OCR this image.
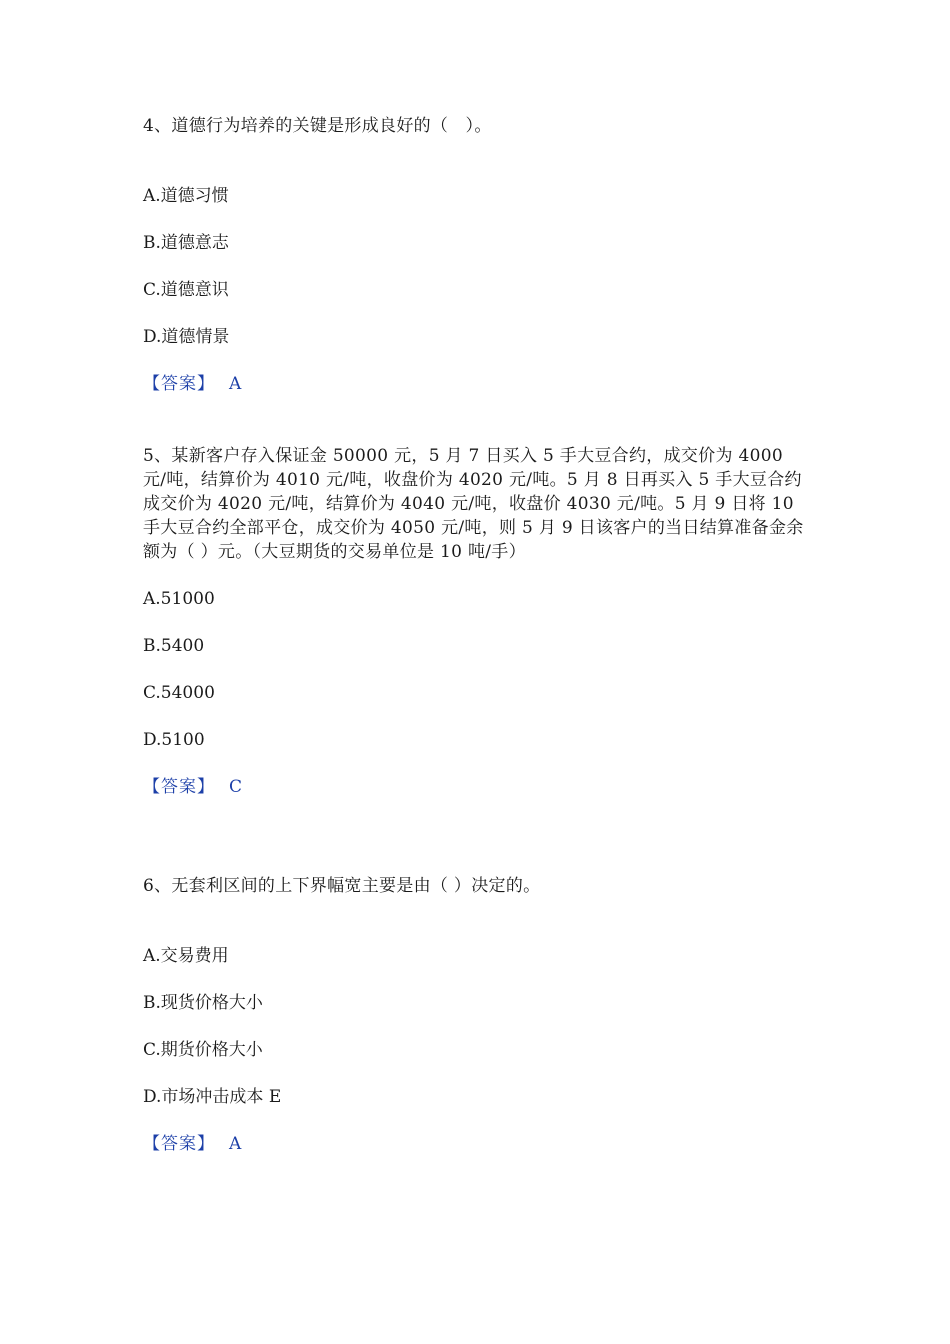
4、道德行为培养的关键是形成良好的（　）。

A.道德习惯

B.道德意志

C.道德意识

D.道德情景

【答案】 A

5、某新客户存入保证金 50000 元，5 月 7 日买入 5 手大豆合约，成交价为 4000 元/吨，结算价为 4010 元/吨，收盘价为 4020 元/吨。5 月 8 日再买入 5 手大豆合约成交价为 4020 元/吨，结算价为 4040 元/吨，收盘价 4030 元/吨。5 月 9 日将 10 手大豆合约全部平仓，成交价为 4050 元/吨，则 5 月 9 日该客户的当日结算准备金余额为（ ）元。（大豆期货的交易单位是 10 吨/手）

A.51000

B.5400

C.54000

D.5100

【答案】 C

6、无套利区间的上下界幅宽主要是由（ ）决定的。

A.交易费用

B.现货价格大小

C.期货价格大小

D.市场冲击成本 E

【答案】 A
